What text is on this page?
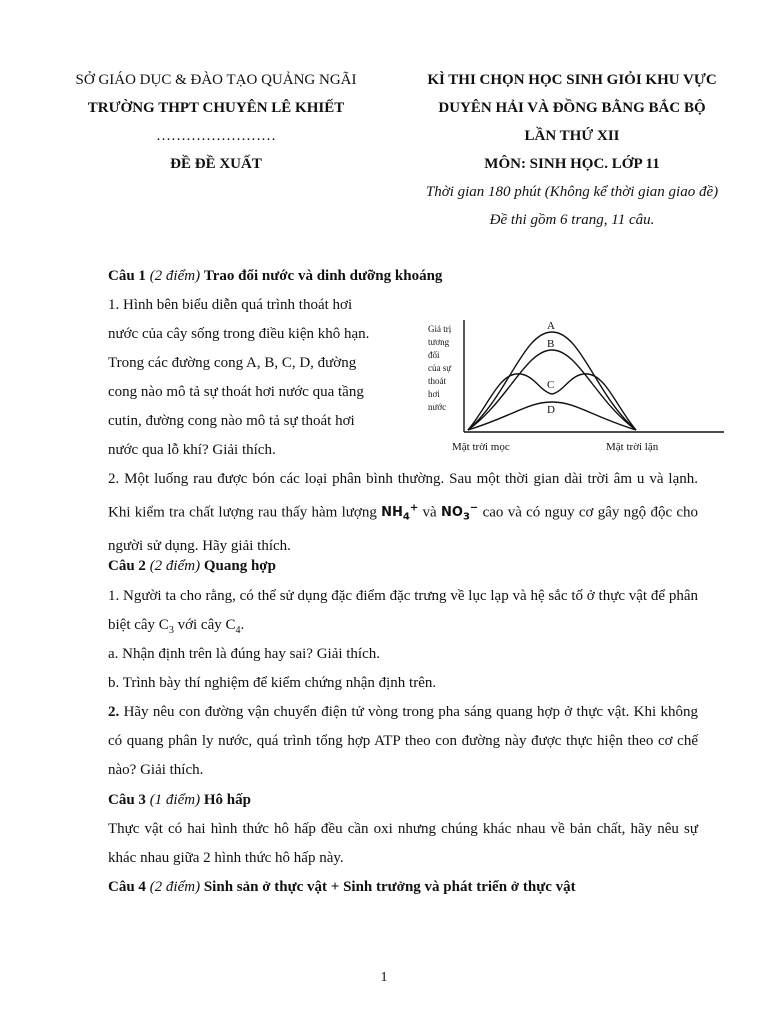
SỞ GIÁO DỤC & ĐÀO TẠO QUẢNG NGÃI
TRƯỜNG THPT CHUYÊN LÊ KHIẾT
……………………
ĐỀ ĐỀ XUẤT
KÌ THI CHỌN HỌC SINH GIỎI KHU VỰC
DUYÊN HẢI VÀ ĐỒNG BẰNG BẮC BỘ
LẦN THỨ XII
MÔN: SINH HỌC. LỚP 11
Thời gian 180 phút (Không kể thời gian giao đề)
Đề thi gồm 6 trang, 11 câu.
Câu 1 (2 điểm) Trao đổi nước và dinh dưỡng khoáng
1. Hình bên biểu diễn quá trình thoát hơi
nước của cây sống trong điều kiện khô hạn.
Trong các đường cong A, B, C, D, đường
cong nào mô tả sự thoát hơi nước qua tầng
cutin, đường cong nào mô tả sự thoát hơi
nước qua lỗ khí? Giải thích.
Giá trị
tương
đối
của sự
thoát
hơi
nước
A
B
C
D
Mặt trời mọc	Mặt trời lặn
2. Một luống rau được bón các loại phân bình thường. Sau một thời gian dài trời âm u và lạnh. Khi kiểm tra chất lượng rau thấy hàm lượng $NH_4^+$ và $NO_3^-$ cao và có nguy cơ gây ngộ độc cho người sử dụng. Hãy giải thích.
Câu 2 (2 điểm) Quang hợp
1. Người ta cho rằng, có thể sử dụng đặc điểm đặc trưng về lục lạp và hệ sắc tố ở thực vật để phân biệt cây $C_3$ với cây $C_4$.
a. Nhận định trên là đúng hay sai? Giải thích.
b. Trình bày thí nghiệm để kiểm chứng nhận định trên.
2. Hãy nêu con đường vận chuyển điện tử vòng trong pha sáng quang hợp ở thực vật. Khi không có quang phân ly nước, quá trình tổng hợp ATP theo con đường này được thực hiện theo cơ chế nào? Giải thích.
Câu 3 (1 điểm) Hô hấp
Thực vật có hai hình thức hô hấp đều cần oxi nhưng chúng khác nhau về bản chất, hãy nêu sự khác nhau giữa 2 hình thức hô hấp này.
Câu 4 (2 điểm) Sinh sản ở thực vật + Sinh trưởng và phát triển ở thực vật
1
